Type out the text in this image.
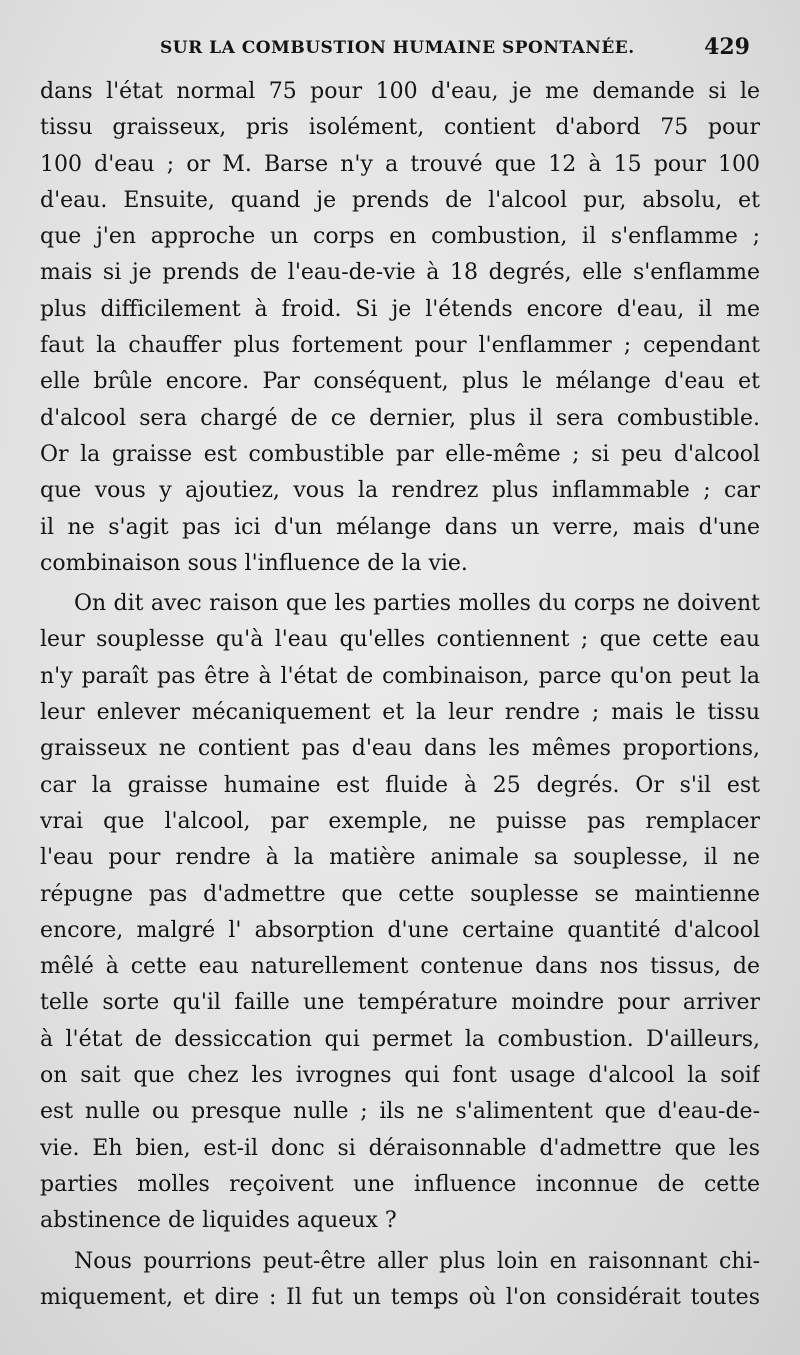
SUR LA COMBUSTION HUMAINE SPONTANÉE.	429
dans l'état normal 75 pour 100 d'eau, je me demande si le
tissu graisseux, pris isolément, contient d'abord 75 pour
100 d'eau ; or M. Barse n'y a trouvé que 12 à 15 pour 100
d'eau. Ensuite, quand je prends de l'alcool pur, absolu, et
que j'en approche un corps en combustion, il s'enflamme ;
mais si je prends de l'eau-de-vie à 18 degrés, elle s'enflamme
plus difficilement à froid. Si je l'étends encore d'eau, il me
faut la chauffer plus fortement pour l'enflammer ; cependant
elle brûle encore. Par conséquent, plus le mélange d'eau et
d'alcool sera chargé de ce dernier, plus il sera combustible.
Or la graisse est combustible par elle-même ; si peu d'alcool
que vous y ajoutiez, vous la rendrez plus inflammable ; car
il ne s'agit pas ici d'un mélange dans un verre, mais d'une
combinaison sous l'influence de la vie.
On dit avec raison que les parties molles du corps ne doivent
leur souplesse qu'à l'eau qu'elles contiennent ; que cette eau
n'y paraît pas être à l'état de combinaison, parce qu'on peut la
leur enlever mécaniquement et la leur rendre ; mais le tissu
graisseux ne contient pas d'eau dans les mêmes proportions,
car la graisse humaine est fluide à 25 degrés. Or s'il est
vrai que l'alcool, par exemple, ne puisse pas remplacer
l'eau pour rendre à la matière animale sa souplesse, il ne
répugne pas d'admettre que cette souplesse se maintienne
encore, malgré l' absorption d'une certaine quantité d'alcool
mêlé à cette eau naturellement contenue dans nos tissus, de
telle sorte qu'il faille une température moindre pour arriver
à l'état de dessiccation qui permet la combustion. D'ailleurs,
on sait que chez les ivrognes qui font usage d'alcool la soif
est nulle ou presque nulle ; ils ne s'alimentent que d'eau-de-
vie. Eh bien, est-il donc si déraisonnable d'admettre que les
parties molles reçoivent une influence inconnue de cette
abstinence de liquides aqueux ?
Nous pourrions peut-être aller plus loin en raisonnant chi-
miquement, et dire : Il fut un temps où l'on considérait toutes
